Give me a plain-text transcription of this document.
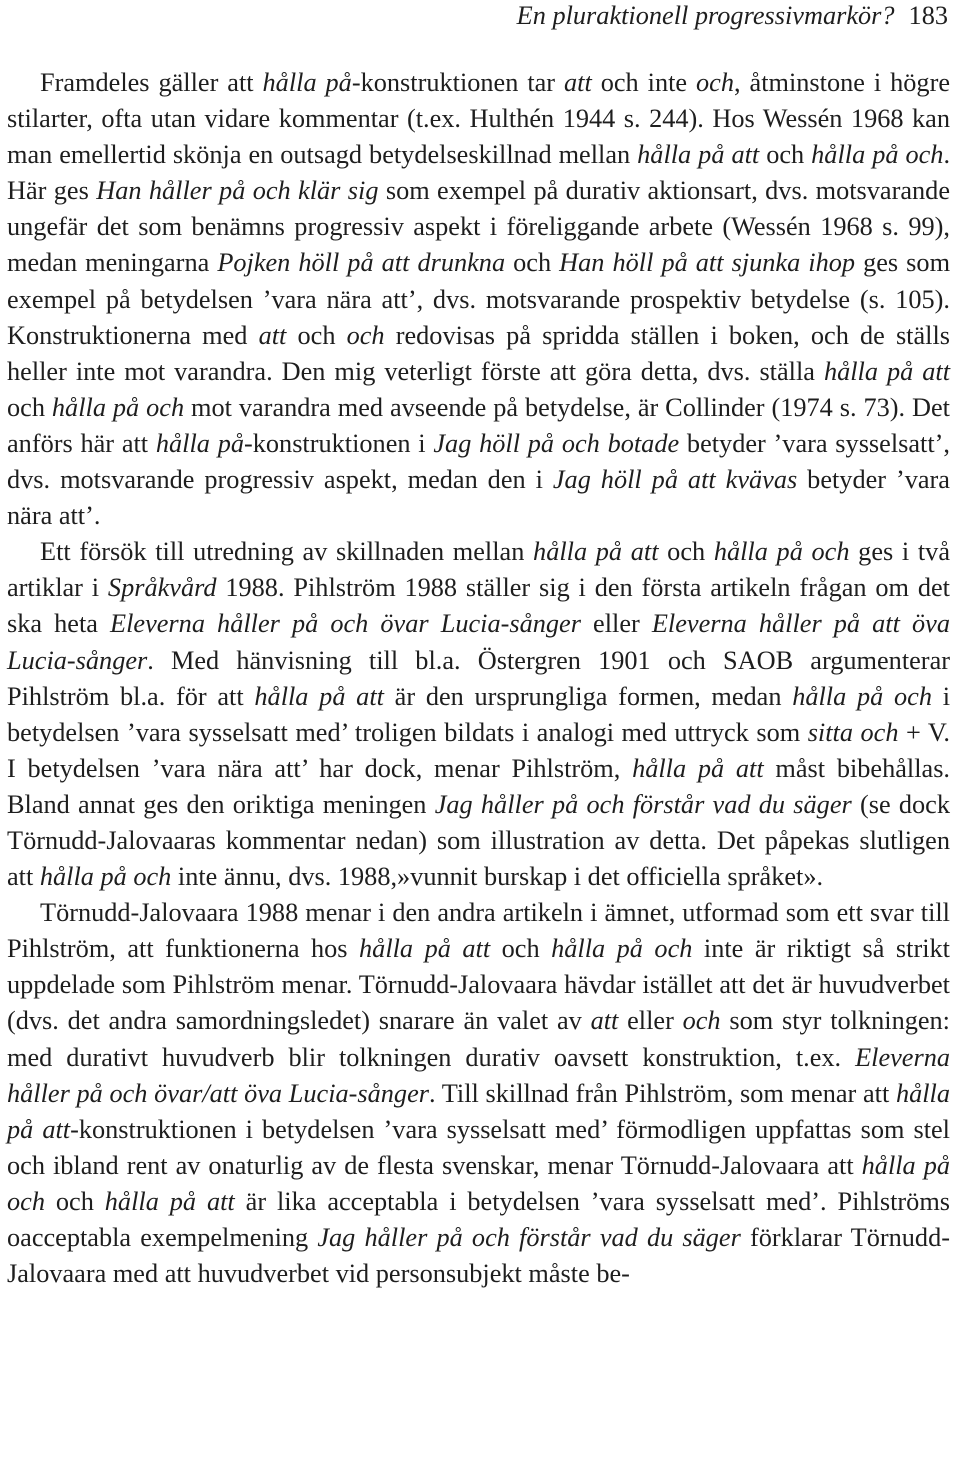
En pluraktionell progressivmarkör? 183

Framdeles gäller att hålla på-konstruktionen tar att och inte och, åtminstone i högre stilarter, ofta utan vidare kommentar (t.ex. Hulthén 1944 s. 244). Hos Wessén 1968 kan man emellertid skönja en outsagd betydelseskillnad mellan hålla på att och hålla på och. Här ges Han håller på och klär sig som exempel på durativ aktionsart, dvs. motsvarande ungefär det som benämns progressiv aspekt i föreliggande arbete (Wessén 1968 s. 99), medan meningarna Pojken höll på att drunkna och Han höll på att sjunka ihop ges som exempel på betydelsen ’vara nära att’, dvs. motsvarande prospektiv betydelse (s. 105). Konstruktionerna med att och och redovisas på spridda ställen i boken, och de ställs heller inte mot varandra. Den mig veterligt förste att göra detta, dvs. ställa hålla på att och hålla på och mot varandra med avseende på betydelse, är Collinder (1974 s. 73). Det anförs här att hålla på-konstruktionen i Jag höll på och botade betyder ’vara sysselsatt’, dvs. motsvarande progressiv aspekt, medan den i Jag höll på att kvävas betyder ’vara nära att’.

Ett försök till utredning av skillnaden mellan hålla på att och hålla på och ges i två artiklar i Språkvård 1988. Pihlström 1988 ställer sig i den första artikeln frågan om det ska heta Eleverna håller på och övar Lucia-sånger eller Eleverna håller på att öva Lucia-sånger. Med hänvisning till bl.a. Östergren 1901 och SAOB argumenterar Pihlström bl.a. för att hålla på att är den ursprungliga formen, medan hålla på och i betydelsen ’vara sysselsatt med’ troligen bildats i analogi med uttryck som sitta och + V. I betydelsen ’vara nära att’ har dock, menar Pihlström, hålla på att måst bibehållas. Bland annat ges den oriktiga meningen Jag håller på och förstår vad du säger (se dock Törnudd-Jalovaaras kommentar nedan) som illustration av detta. Det påpekas slutligen att hålla på och inte ännu, dvs. 1988,»vunnit burskap i det officiella språket».

Törnudd-Jalovaara 1988 menar i den andra artikeln i ämnet, utformad som ett svar till Pihlström, att funktionerna hos hålla på att och hålla på och inte är riktigt så strikt uppdelade som Pihlström menar. Törnudd-Jalovaara hävdar istället att det är huvudverbet (dvs. det andra samordningsledet) snarare än valet av att eller och som styr tolkningen: med durativt huvudverb blir tolkningen durativ oavsett konstruktion, t.ex. Eleverna håller på och övar/att öva Lucia-sånger. Till skillnad från Pihlström, som menar att hålla på att-konstruktionen i betydelsen ’vara sysselsatt med’ förmodligen uppfattas som stel och ibland rent av onaturlig av de flesta svenskar, menar Törnudd-Jalovaara att hålla på och och hålla på att är lika acceptabla i betydelsen ’vara sysselsatt med’. Pihlströms oacceptabla exempelmening Jag håller på och förstår vad du säger förklarar Törnudd-Jalovaara med att huvudverbet vid personsubjekt måste be-
